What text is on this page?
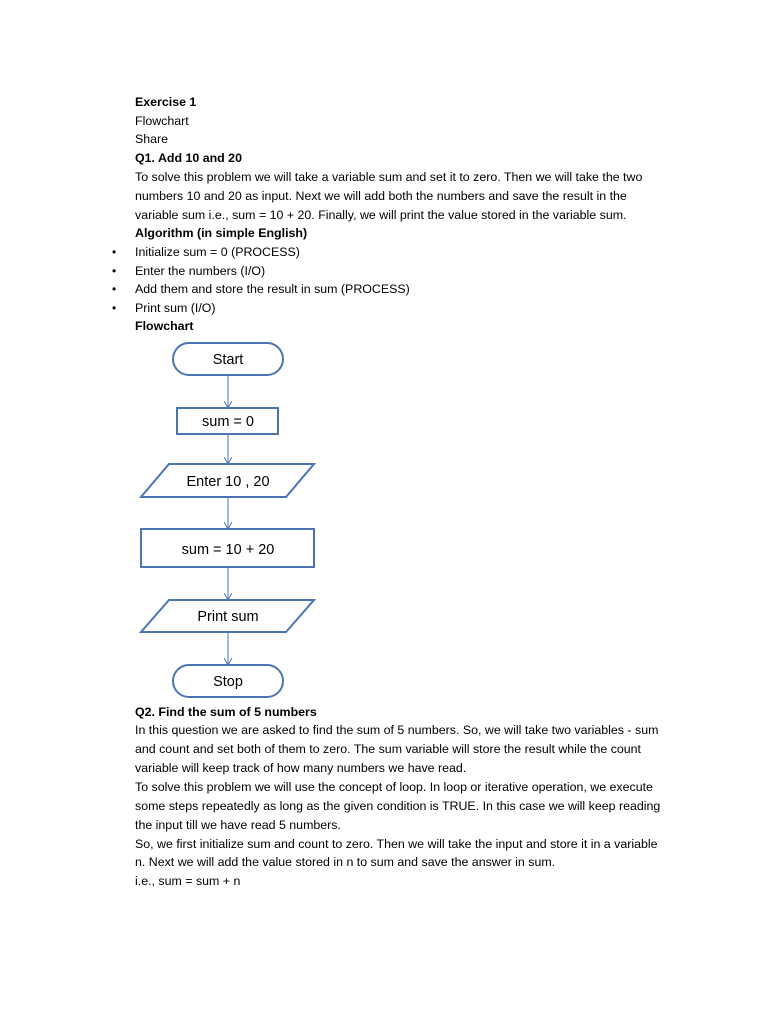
Exercise 1
Flowchart
Share
Q1. Add 10 and 20
To solve this problem we will take a variable sum and set it to zero. Then we will take the two
numbers 10 and 20 as input. Next we will add both the numbers and save the result in the
variable sum i.e., sum = 10 + 20. Finally, we will print the value stored in the variable sum.
Algorithm (in simple English)
• Initialize sum = 0 (PROCESS)
• Enter the numbers (I/O)
• Add them and store the result in sum (PROCESS)
• Print sum (I/O)
Flowchart
Start
sum = 0
Enter 10 , 20
sum = 10 + 20
Print sum
Stop
Q2. Find the sum of 5 numbers
In this question we are asked to find the sum of 5 numbers. So, we will take two variables - sum
and count and set both of them to zero. The sum variable will store the result while the count
variable will keep track of how many numbers we have read.
To solve this problem we will use the concept of loop. In loop or iterative operation, we execute
some steps repeatedly as long as the given condition is TRUE. In this case we will keep reading
the input till we have read 5 numbers.
So, we first initialize sum and count to zero. Then we will take the input and store it in a variable
n. Next we will add the value stored in n to sum and save the answer in sum.
i.e., sum = sum + n
